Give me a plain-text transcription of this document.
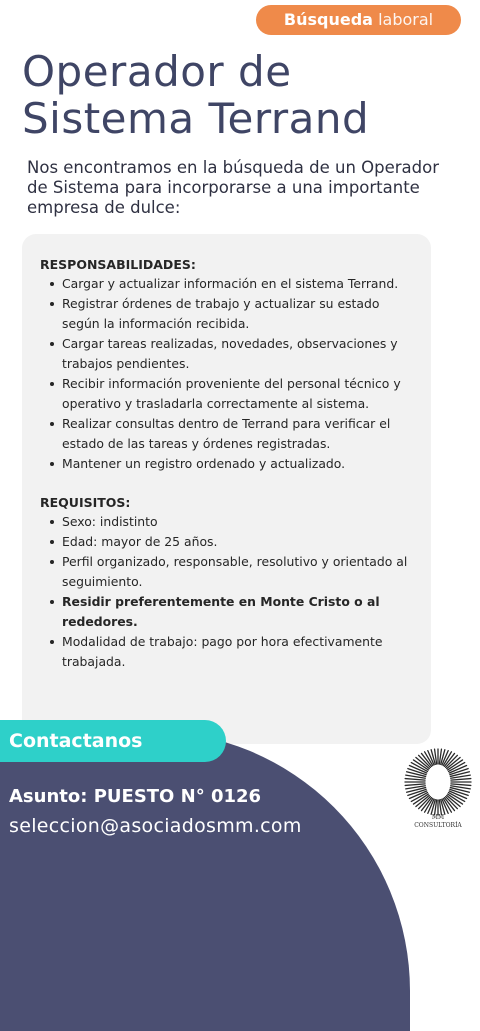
Búsqueda laboral
Operador de
Sistema Terrand

Nos encontramos en la búsqueda de un Operador de Sistema para incorporarse a una importante empresa de dulce:

RESPONSABILIDADES:
Cargar y actualizar información en el sistema Terrand.
Registrar órdenes de trabajo y actualizar su estado según la información recibida.
Cargar tareas realizadas, novedades, observaciones y trabajos pendientes.
Recibir información proveniente del personal técnico y operativo y trasladarla correctamente al sistema.
Realizar consultas dentro de Terrand para verificar el estado de las tareas y órdenes registradas.
Mantener un registro ordenado y actualizado.
REQUISITOS:
Sexo: indistinto
Edad: mayor de 25 años.
Perfil organizado, responsable, resolutivo y orientado al seguimiento.
Residir preferentemente en Monte Cristo o al rededores.
Modalidad de trabajo: pago por hora efectivamente trabajada.
Contactanos
Asunto: PUESTO N° 0126
seleccion@asociadosmm.com	MM
CONSULTORÍA
